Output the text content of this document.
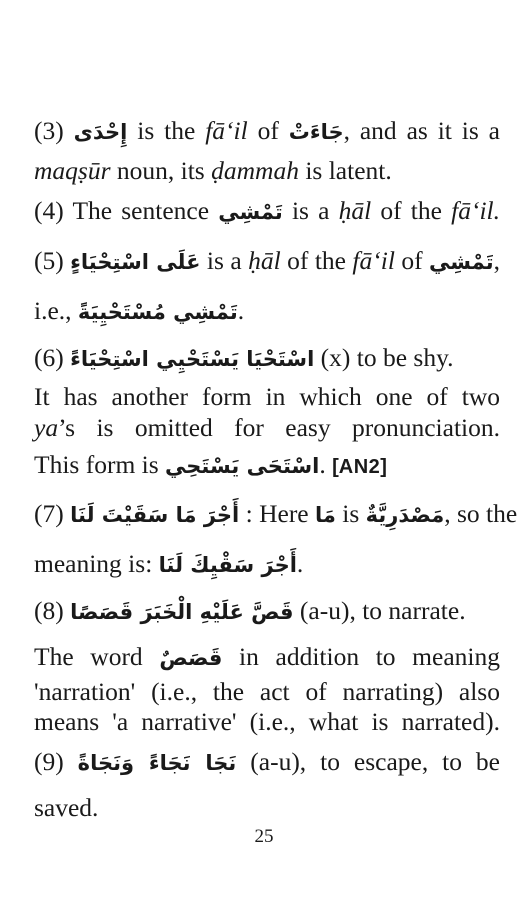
(3) إِحْدَى is the fā‘il of جَاءَتْ, and as it is a
maqṣūr noun, its ḍammah is latent.
(4) The sentence تَمْشِي is a ḥāl of the fā‘il.
(5) عَلَى اسْتِحْيَاءٍ is a ḥāl of the fā‘il of تَمْشِي,
i.e., تَمْشِي مُسْتَحْيِيَةً.
(6) اسْتَحْيَا يَسْتَحْيِي اسْتِحْيَاءً (x) to be shy.
It has another form in which one of two
ya’s is omitted for easy pronunciation.
This form is اسْتَحَى يَسْتَحِي. [AN2]
(7) أَجْرَ مَا سَقَيْتَ لَنَا : Here مَا is مَصْدَرِيَّةٌ, so the
meaning is: أَجْرَ سَقْيِكَ لَنَا.
(8) قَصَّ عَلَيْهِ الْخَبَرَ قَصَصًا (a-u), to narrate.
The word قَصَصٌ in addition to meaning
'narration' (i.e., the act of narrating) also
means 'a narrative' (i.e., what is narrated).
(9) نَجَا نَجَاءً وَنَجَاةً (a-u), to escape, to be
saved.
25
